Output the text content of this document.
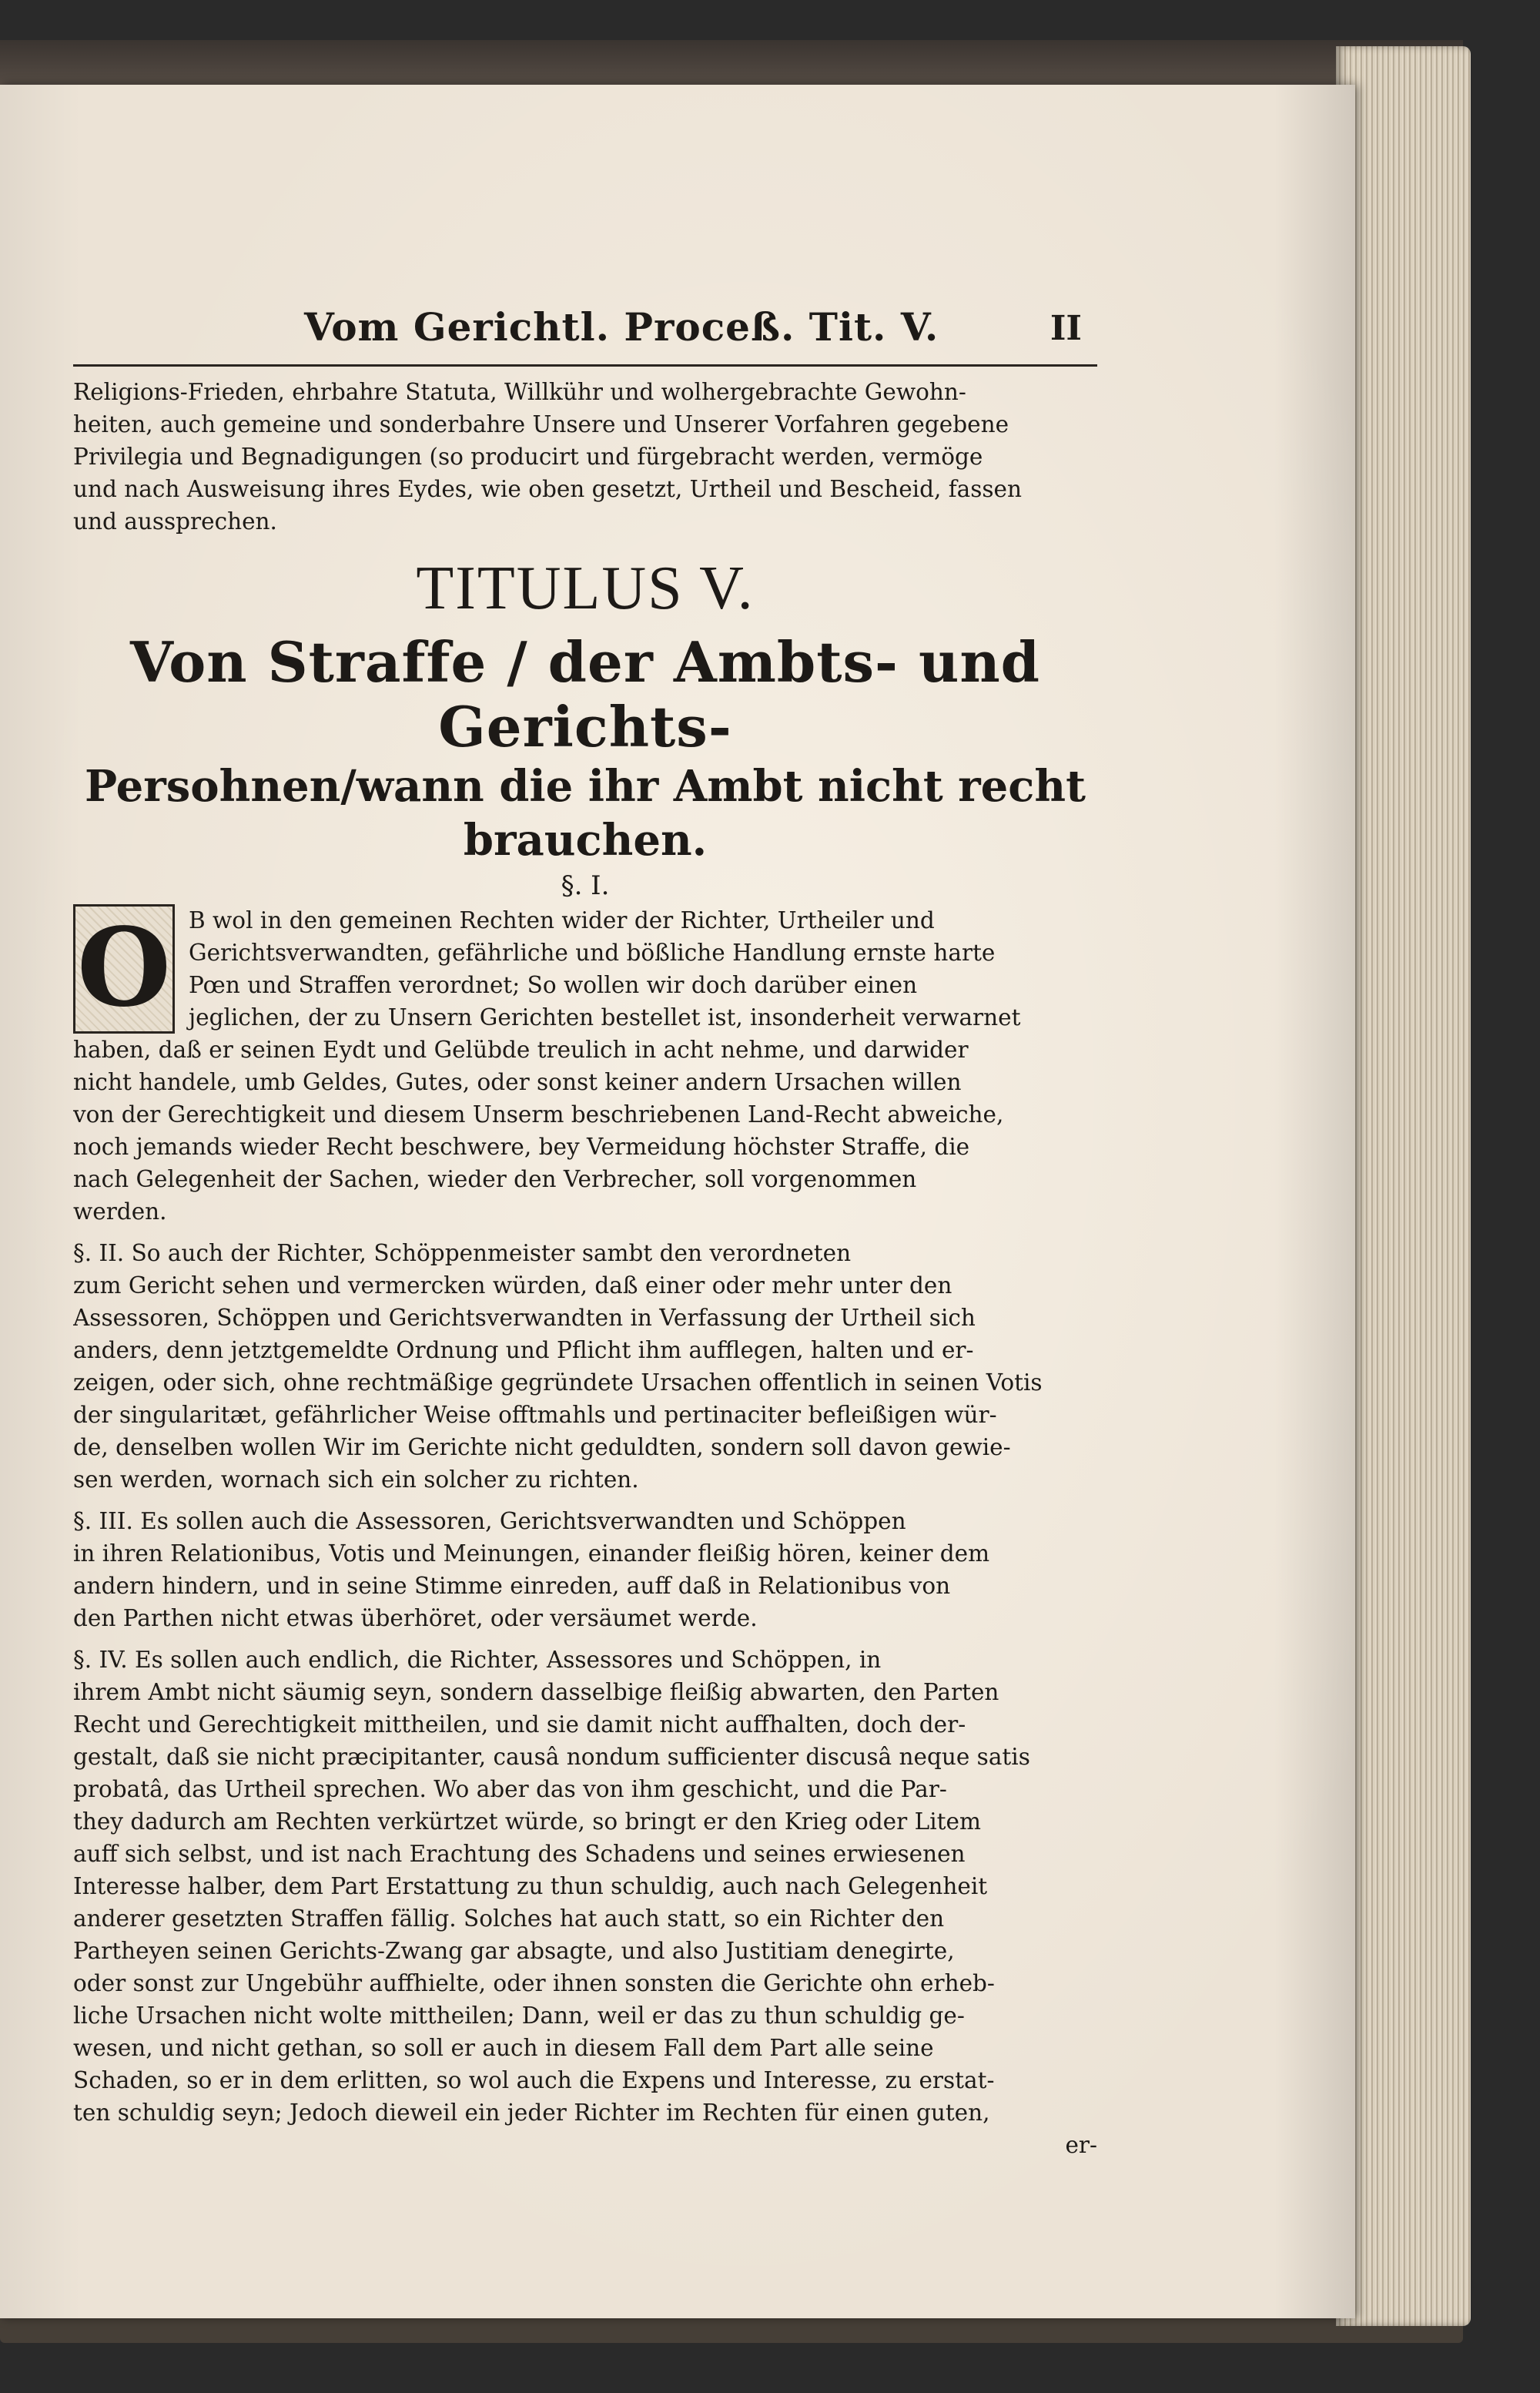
Vom Gerichtl. Proceß. Tit. V.	II
Religions-Frieden, ehrbahre Statuta, Willkühr und wolhergebrachte Gewohn-
heiten, auch gemeine und sonderbahre Unsere und Unserer Vorfahren gegebene
Privilegia und Begnadigungen (so producirt und fürgebracht werden, vermöge
und nach Ausweisung ihres Eydes, wie oben gesetzt, Urtheil und Bescheid, fassen
und aussprechen.
TITULUS V.
Von Straffe / der Ambts- und Gerichts-
Persohnen/wann die ihr Ambt nicht recht brauchen.
§. I.
O B wol in den gemeinen Rechten wider der Richter, Urtheiler und
Gerichtsverwandten, gefährliche und bößliche Handlung ernste harte
Pœn und Straffen verordnet; So wollen wir doch darüber einen
jeglichen, der zu Unsern Gerichten bestellet ist, insonderheit verwarnet
haben, daß er seinen Eydt und Gelübde treulich in acht nehme, und darwider
nicht handele, umb Geldes, Gutes, oder sonst keiner andern Ursachen willen
von der Gerechtigkeit und diesem Unserm beschriebenen Land-Recht abweiche,
noch jemands wieder Recht beschwere, bey Vermeidung höchster Straffe, die
nach Gelegenheit der Sachen, wieder den Verbrecher, soll vorgenommen
werden.
§. II. So auch der Richter, Schöppenmeister sambt den verordneten
zum Gericht sehen und vermercken würden, daß einer oder mehr unter den
Assessoren, Schöppen und Gerichtsverwandten in Verfassung der Urtheil sich
anders, denn jetztgemeldte Ordnung und Pflicht ihm aufflegen, halten und er-
zeigen, oder sich, ohne rechtmäßige gegründete Ursachen offentlich in seinen Votis
der singularitæt, gefährlicher Weise offtmahls und pertinaciter befleißigen wür-
de, denselben wollen Wir im Gerichte nicht geduldten, sondern soll davon gewie-
sen werden, wornach sich ein solcher zu richten.
§. III. Es sollen auch die Assessoren, Gerichtsverwandten und Schöppen
in ihren Relationibus, Votis und Meinungen, einander fleißig hören, keiner dem
andern hindern, und in seine Stimme einreden, auff daß in Relationibus von
den Parthen nicht etwas überhöret, oder versäumet werde.
§. IV. Es sollen auch endlich, die Richter, Assessores und Schöppen, in
ihrem Ambt nicht säumig seyn, sondern dasselbige fleißig abwarten, den Parten
Recht und Gerechtigkeit mittheilen, und sie damit nicht auffhalten, doch der-
gestalt, daß sie nicht præcipitanter, causâ nondum sufficienter discusâ neque satis
probatâ, das Urtheil sprechen. Wo aber das von ihm geschicht, und die Par-
they dadurch am Rechten verkürtzet würde, so bringt er den Krieg oder Litem
auff sich selbst, und ist nach Erachtung des Schadens und seines erwiesenen
Interesse halber, dem Part Erstattung zu thun schuldig, auch nach Gelegenheit
anderer gesetzten Straffen fällig. Solches hat auch statt, so ein Richter den
Partheyen seinen Gerichts-Zwang gar absagte, und also Justitiam denegirte,
oder sonst zur Ungebühr auffhielte, oder ihnen sonsten die Gerichte ohn erheb-
liche Ursachen nicht wolte mittheilen; Dann, weil er das zu thun schuldig ge-
wesen, und nicht gethan, so soll er auch in diesem Fall dem Part alle seine
Schaden, so er in dem erlitten, so wol auch die Expens und Interesse, zu erstat-
ten schuldig seyn; Jedoch dieweil ein jeder Richter im Rechten für einen guten,
er-
